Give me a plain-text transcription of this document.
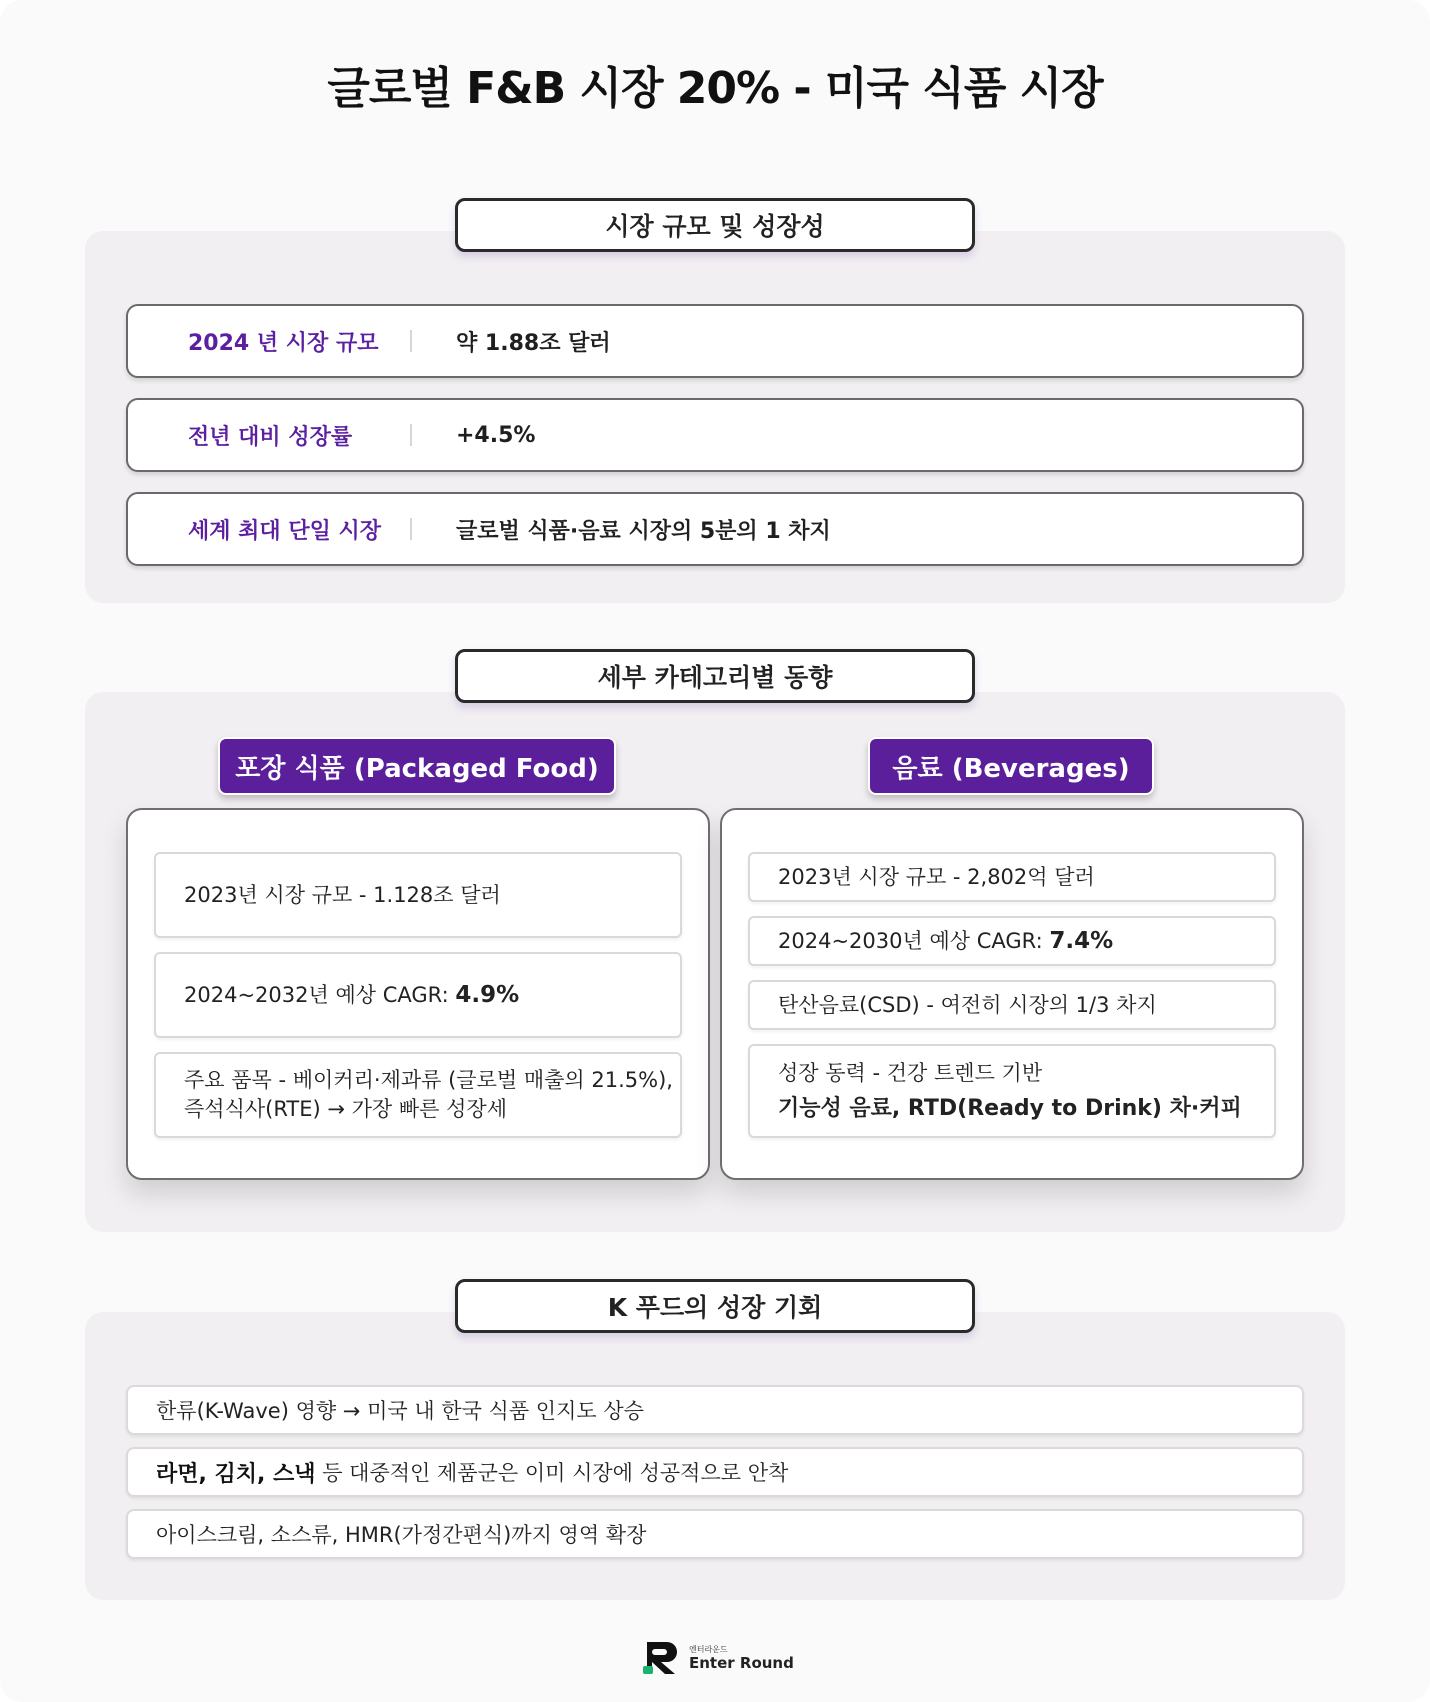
글로벌 F&B 시장 20% - 미국 식품 시장
시장 규모 및 성장성
2024 년 시장 규모	약 1.88조 달러
전년 대비 성장률	+4.5%
세계 최대 단일 시장	글로벌 식품·음료 시장의 5분의 1 차지
세부 카테고리별 동향
포장 식품 (Packaged Food)	음료 (Beverages)
2023년 시장 규모 - 1.128조 달러
2024~2032년 예상 CAGR: 4.9%
주요 품목 - 베이커리·제과류 (글로벌 매출의 21.5%),
즉석식사(RTE) → 가장 빠른 성장세
2023년 시장 규모 - 2,802억 달러
2024~2030년 예상 CAGR: 7.4%
탄산음료(CSD) - 여전히 시장의 1/3 차지
성장 동력 - 건강 트렌드 기반
기능성 음료, RTD(Ready to Drink) 차·커피
K 푸드의 성장 기회
한류(K-Wave) 영향 → 미국 내 한국 식품 인지도 상승
라면, 김치, 스낵 등 대중적인 제품군은 이미 시장에 성공적으로 안착
아이스크림, 소스류, HMR(가정간편식)까지 영역 확장
엔터라운드
Enter Round
